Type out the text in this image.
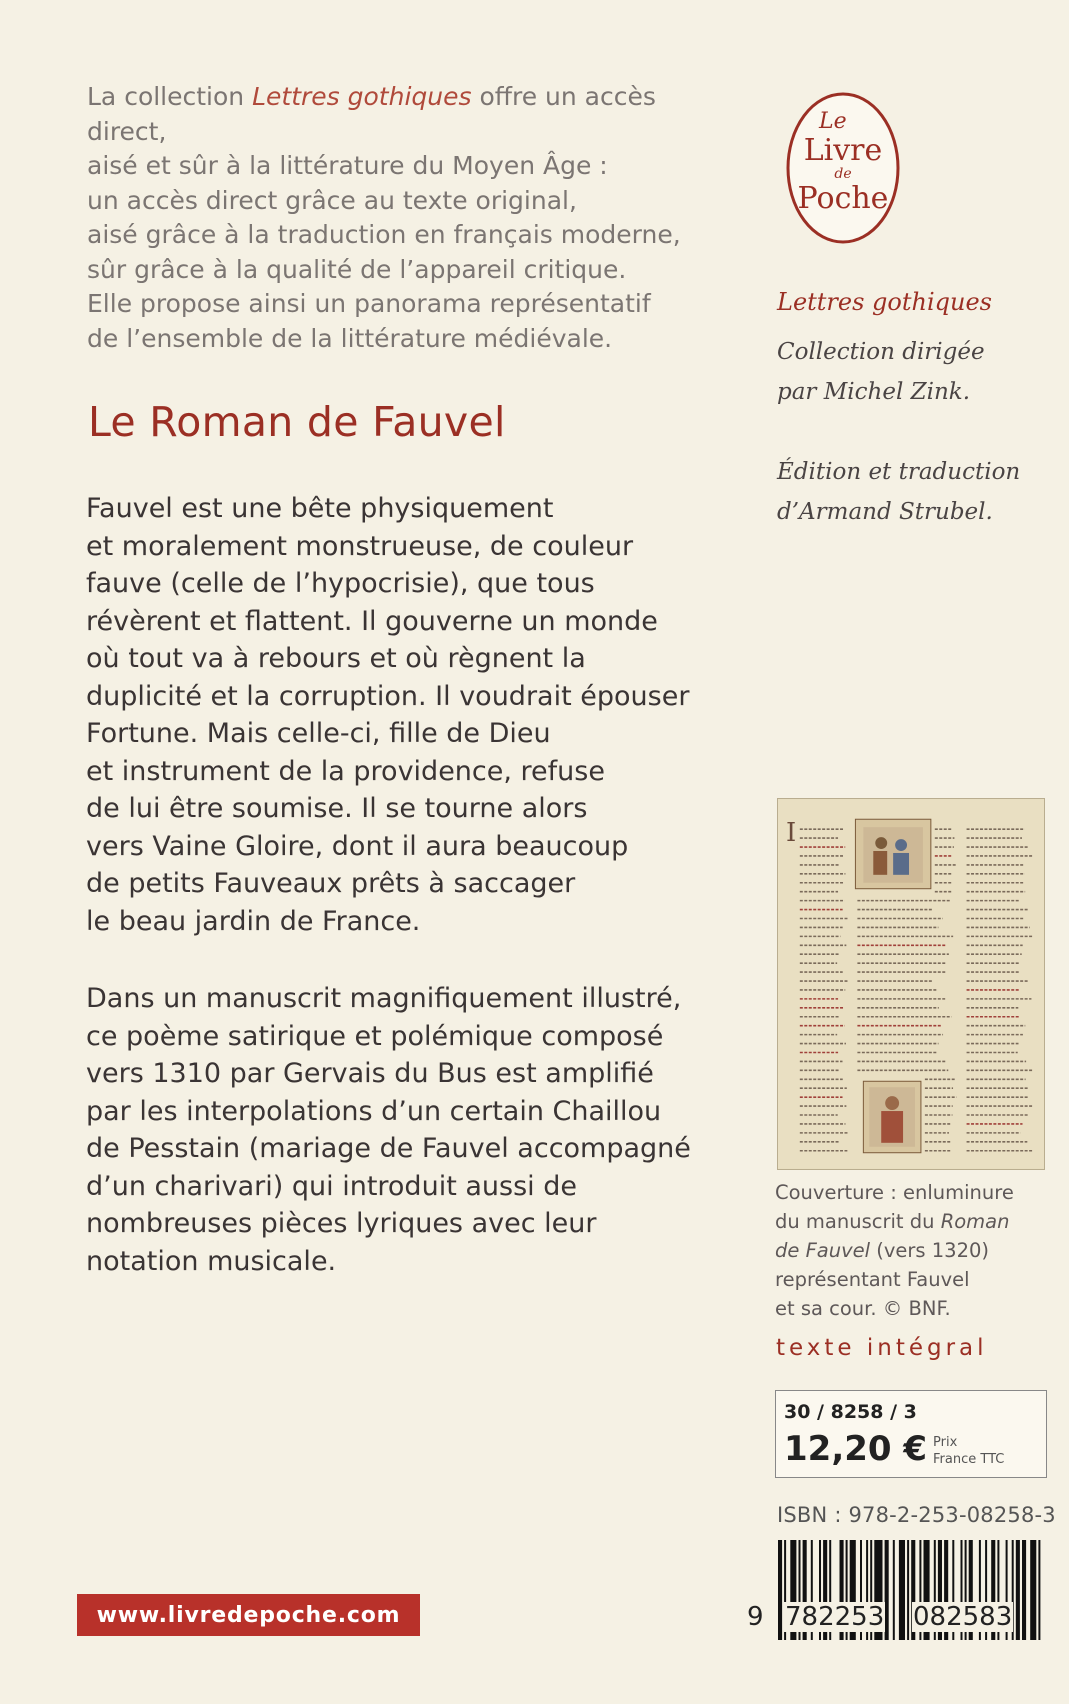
La collection Lettres gothiques offre un accès direct,
aisé et sûr à la littérature du Moyen Âge :
un accès direct grâce au texte original,
aisé grâce à la traduction en français moderne,
sûr grâce à la qualité de l’appareil critique.
Elle propose ainsi un panorama représentatif
de l’ensemble de la littérature médiévale.
Le Roman de Fauvel
Fauvel est une bête physiquement
et moralement monstrueuse, de couleur
fauve (celle de l’hypocrisie), que tous
révèrent et flattent. Il gouverne un monde
où tout va à rebours et où règnent la
duplicité et la corruption. Il voudrait épouser
Fortune. Mais celle-ci, fille de Dieu
et instrument de la providence, refuse
de lui être soumise. Il se tourne alors
vers Vaine Gloire, dont il aura beaucoup
de petits Fauveaux prêts à saccager
le beau jardin de France.
Dans un manuscrit magnifiquement illustré,
ce poème satirique et polémique composé
vers 1310 par Gervais du Bus est amplifié
par les interpolations d’un certain Chaillou
de Pesstain (mariage de Fauvel accompagné
d’un charivari) qui introduit aussi de
nombreuses pièces lyriques avec leur
notation musicale.
www.livredepoche.com
Le
Livre
de
Poche
Lettres gothiques
Collection dirigée
par Michel Zink.
Édition et traduction
d’Armand Strubel.
I
Couverture : enluminure
du manuscrit du Roman
de Fauvel (vers 1320)
représentant Fauvel
et sa cour. © BNF.
texte intégral
30 / 8258 / 3
12,20 € Prix
France TTC
ISBN : 978-2-253-08258-3
9 782253 082583
